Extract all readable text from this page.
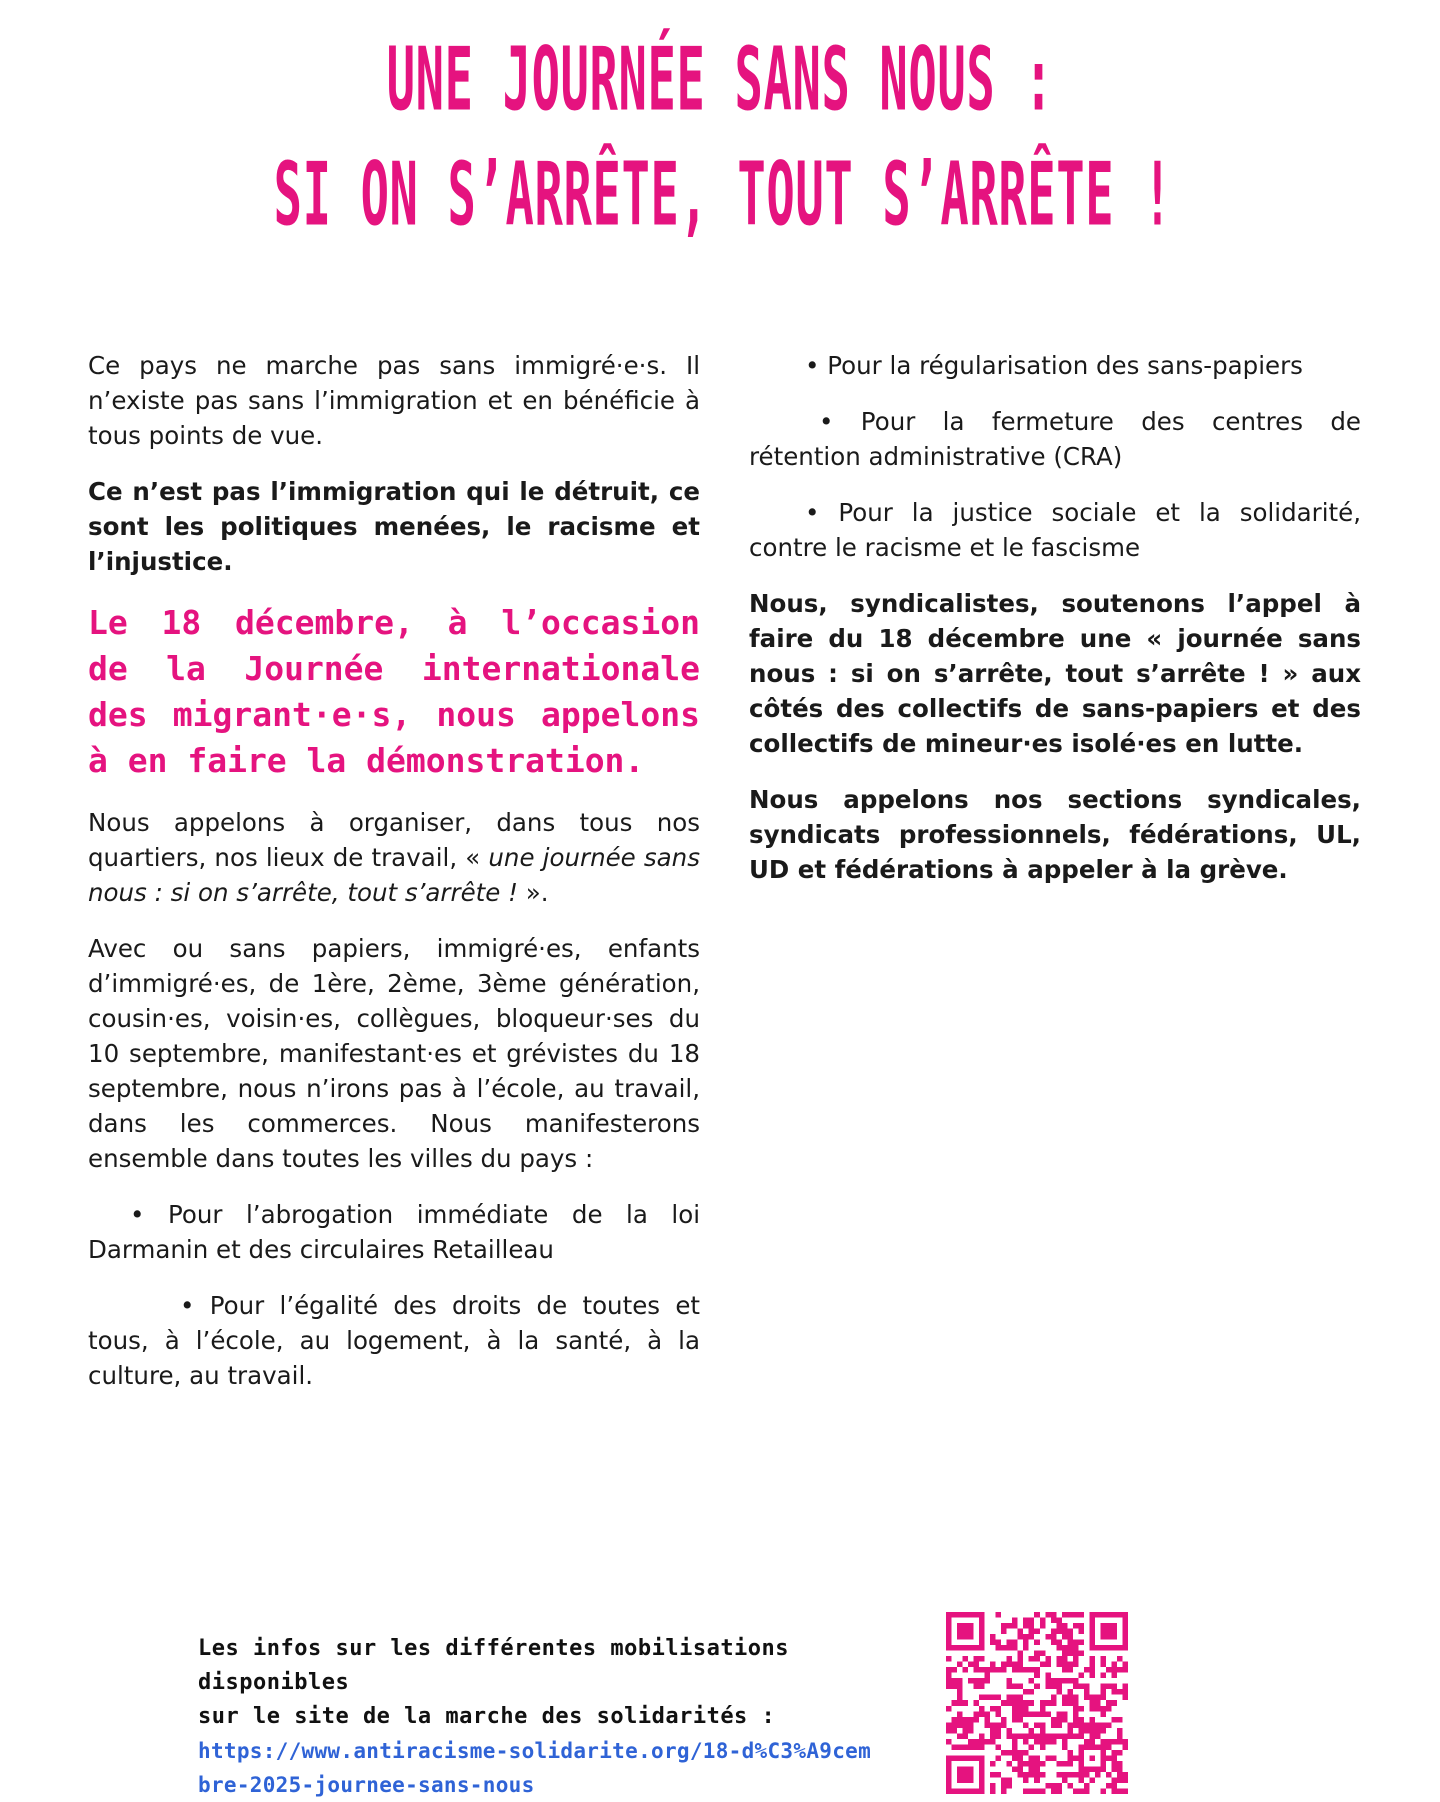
UNE JOURNÉE SANS NOUS :
SI ON S’ARRÊTE, TOUT S’ARRÊTE !

Ce pays ne marche pas sans immigré·e·s. Il n’existe pas sans l’immigration et en bénéficie à tous points de vue.

Ce n’est pas l’immigration qui le détruit, ce sont les politiques menées, le racisme et l’injustice.

Le 18 décembre, à l’occasion de la Journée internationale des migrant·e·s, nous appelons à en faire la démonstration.

Nous appelons à organiser, dans tous nos quartiers, nos lieux de travail, « une journée sans nous : si on s’arrête, tout s’arrête ! ».

Avec ou sans papiers, immigré·es, enfants d’immigré·es, de 1ère, 2ème, 3ème génération, cousin·es, voisin·es, collègues, bloqueur·ses du 10 septembre, manifestant·es et grévistes du 18 septembre, nous n’irons pas à l’école, au travail, dans les commerces. Nous manifesterons ensemble dans toutes les villes du pays :

• Pour l’abrogation immédiate de la loi Darmanin et des circulaires Retailleau

• Pour l’égalité des droits de toutes et tous, à l’école, au logement, à la santé, à la culture, au travail.

• Pour la régularisation des sans-papiers

• Pour la fermeture des centres de rétention administrative (CRA)

• Pour la justice sociale et la solidarité, contre le racisme et le fascisme

Nous, syndicalistes, soutenons l’appel à faire du 18 décembre une « journée sans nous : si on s’arrête, tout s’arrête ! » aux côtés des collectifs de sans-papiers et des collectifs de mineur·es isolé·es en lutte.

Nous appelons nos sections syndicales, syndicats professionnels, fédérations, UL, UD et fédérations à appeler à la grève.

Les infos sur les différentes mobilisations disponibles
sur le site de la marche des solidarités :
https://www.antiracisme-solidarite.org/18-d%C3%A9cembre-2025-journee-sans-nous
